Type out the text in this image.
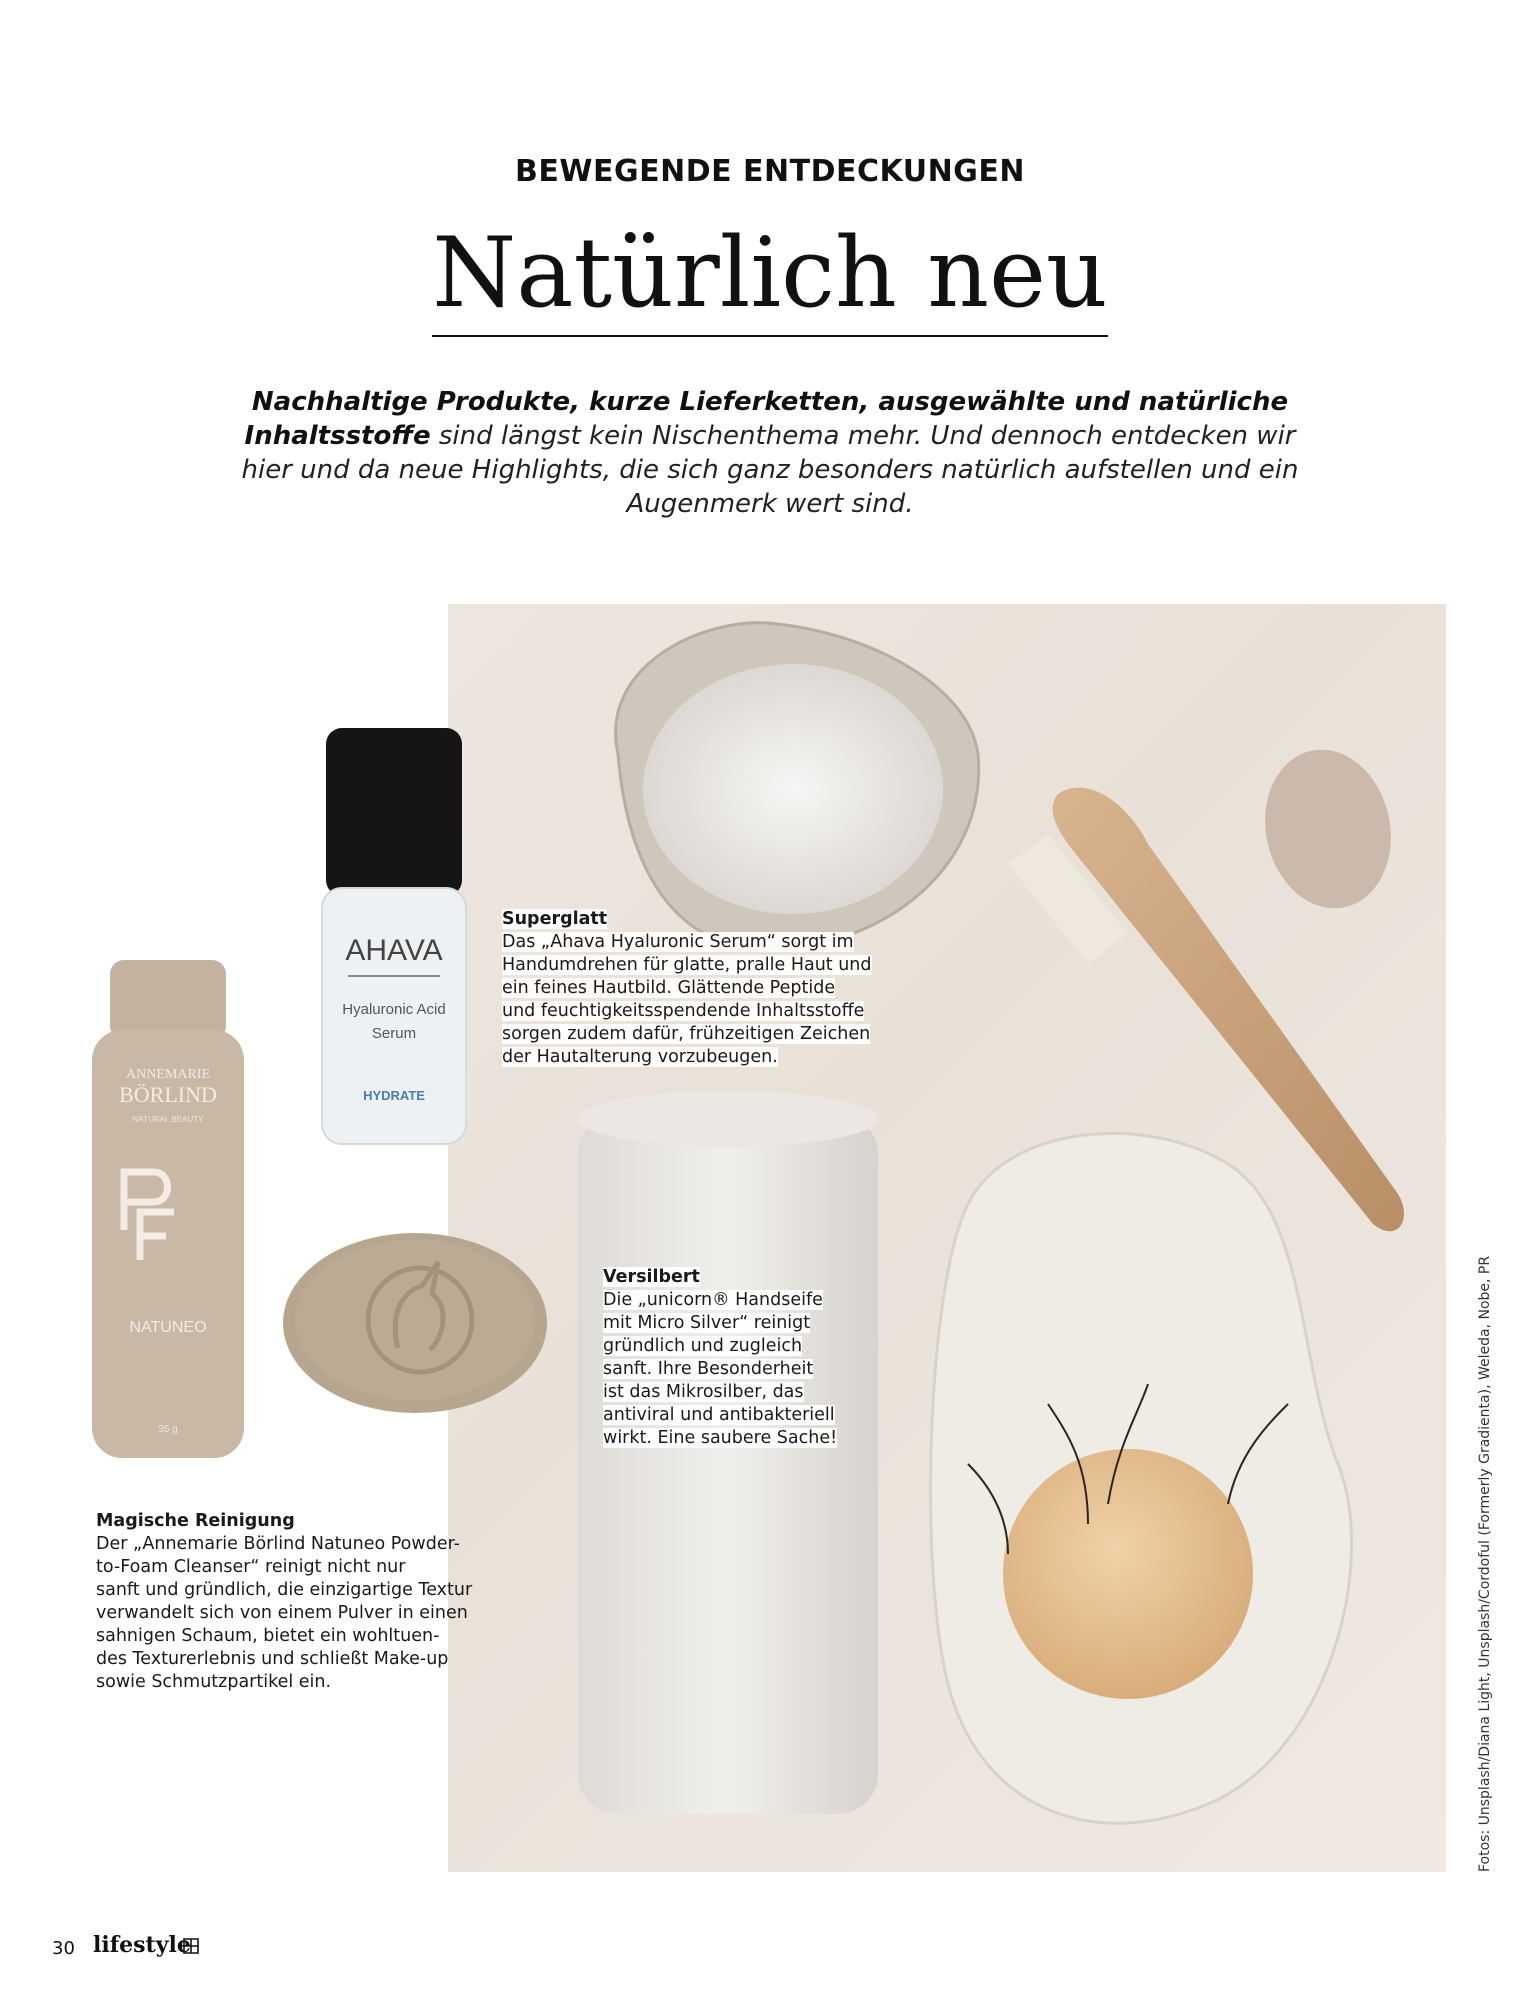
BEWEGENDE ENTDECKUNGEN
Natürlich neu
Nachhaltige Produkte, kurze Lieferketten, ausgewählte und natürliche Inhaltsstoffe sind längst kein Nischenthema mehr. Und dennoch entdecken wir hier und da neue Highlights, die sich ganz besonders natürlich aufstellen und ein Augenmerk wert sind.
AHAVA
Hyaluronic Acid
Serum
HYDRATE
ANNEMARIE
BÖRLIND
NATURAL BEAUTY
NATUNEO
35 g
Superglatt
Das „Ahava Hyaluronic Serum“ sorgt im
Handumdrehen für glatte, pralle Haut und
ein feines Hautbild. Glättende Peptide
und feuchtigkeitsspendende Inhaltsstoffe
sorgen zudem dafür, frühzeitigen Zeichen
der Hautalterung vorzubeugen.
Versilbert
Die „unicorn® Handseife
mit Micro Silver“ reinigt
gründlich und zugleich
sanft. Ihre Besonderheit
ist das Mikrosilber, das
antiviral und antibakteriell
wirkt. Eine saubere Sache!
Magische Reinigung
Der „Annemarie Börlind Natuneo Powder-
to-Foam Cleanser“ reinigt nicht nur
sanft und gründlich, die einzigartige Textur
verwandelt sich von einem Pulver in einen
sahnigen Schaum, bietet ein wohltuen-
des Texturerlebnis und schließt Make-up
sowie Schmutzpartikel ein.	Fotos: Unsplash/Diana Light, Unsplash/Cordoful (Formerly Gradienta), Weleda, Nobe, PR
30 lifestyle
